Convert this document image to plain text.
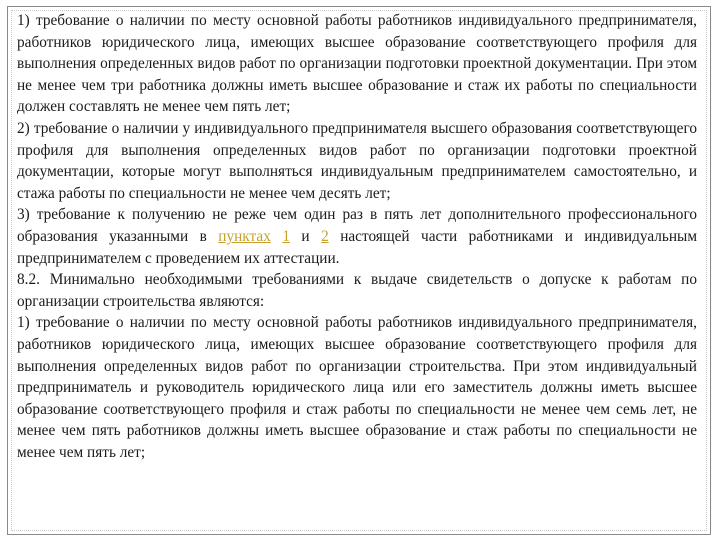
1) требование о наличии по месту основной работы работников индивидуального предпринимателя, работников юридического лица, имеющих высшее образование соответствующего профиля для выполнения определенных видов работ по организации подготовки проектной документации. При этом не менее чем три работника должны иметь высшее образование и стаж их работы по специальности должен составлять не менее чем пять лет;

2) требование о наличии у индивидуального предпринимателя высшего образования соответствующего профиля для выполнения определенных видов работ по организации подготовки проектной документации, которые могут выполняться индивидуальным предпринимателем самостоятельно, и стажа работы по специальности не менее чем десять лет;

3) требование к получению не реже чем один раз в пять лет дополнительного профессионального образования указанными в пунктах 1 и 2 настоящей части работниками и индивидуальным предпринимателем с проведением их аттестации.

8.2. Минимально необходимыми требованиями к выдаче свидетельств о допуске к работам по организации строительства являются:

1) требование о наличии по месту основной работы работников индивидуального предпринимателя, работников юридического лица, имеющих высшее образование соответствующего профиля для выполнения определенных видов работ по организации строительства. При этом индивидуальный предприниматель и руководитель юридического лица или его заместитель должны иметь высшее образование соответствующего профиля и стаж работы по специальности не менее чем семь лет, не менее чем пять работников должны иметь высшее образование и стаж работы по специальности не менее чем пять лет;
